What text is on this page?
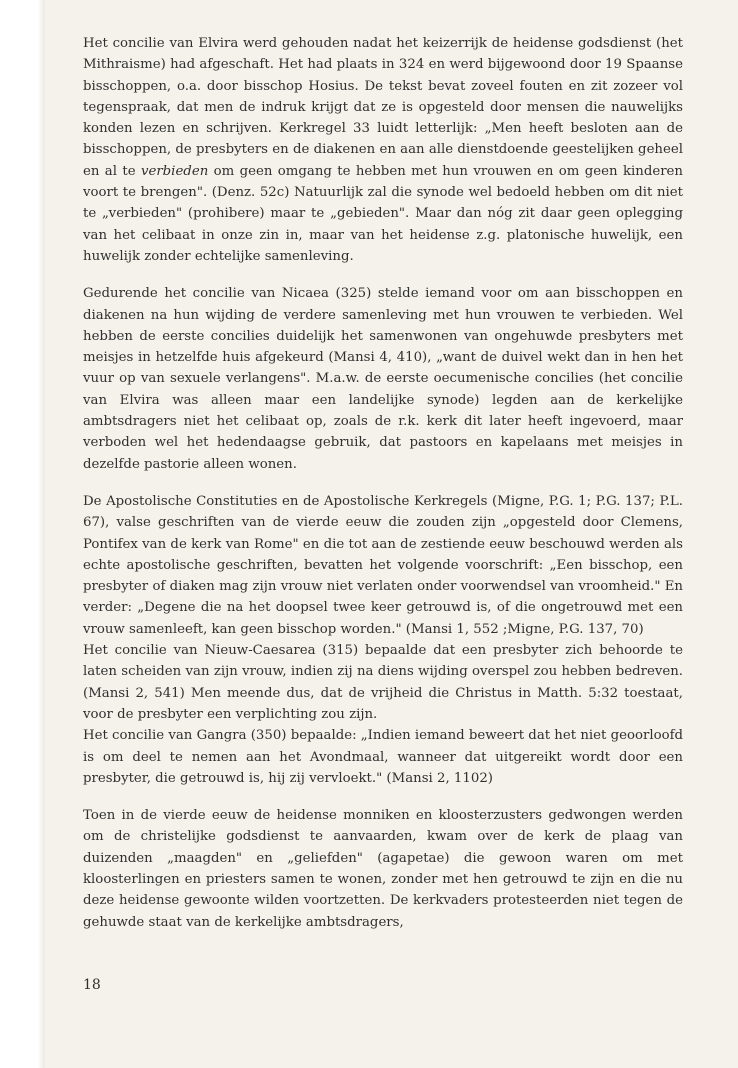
Het concilie van Elvira werd gehouden nadat het keizerrijk de heidense godsdienst (het Mithraisme) had afgeschaft. Het had plaats in 324 en werd bijgewoond door 19 Spaanse bisschoppen, o.a. door bisschop Hosius. De tekst bevat zoveel fouten en zit zozeer vol tegenspraak, dat men de indruk krijgt dat ze is opgesteld door mensen die nauwelijks konden lezen en schrijven. Kerkregel 33 luidt letterlijk: „Men heeft besloten aan de bisschoppen, de presbyters en de diakenen en aan alle dienstdoende geestelijken geheel en al te verbieden om geen omgang te hebben met hun vrouwen en om geen kinderen voort te brengen". (Denz. 52c) Natuurlijk zal die synode wel bedoeld hebben om dit niet te „verbieden" (prohibere) maar te „gebieden". Maar dan nóg zit daar geen oplegging van het celibaat in onze zin in, maar van het heidense z.g. platonische huwelijk, een huwelijk zonder echtelijke samenleving.

Gedurende het concilie van Nicaea (325) stelde iemand voor om aan bisschoppen en diakenen na hun wijding de verdere samenleving met hun vrouwen te verbieden. Wel hebben de eerste concilies duidelijk het samenwonen van ongehuwde presbyters met meisjes in hetzelfde huis afgekeurd (Mansi 4, 410), „want de duivel wekt dan in hen het vuur op van sexuele verlangens". M.a.w. de eerste oecumenische concilies (het concilie van Elvira was alleen maar een landelijke synode) legden aan de kerkelijke ambtsdragers niet het celibaat op, zoals de r.k. kerk dit later heeft ingevoerd, maar verboden wel het hedendaagse gebruik, dat pastoors en kapelaans met meisjes in dezelfde pastorie alleen wonen.

De Apostolische Constituties en de Apostolische Kerkregels (Migne, P.G. 1; P.G. 137; P.L. 67), valse geschriften van de vierde eeuw die zouden zijn „opgesteld door Clemens, Pontifex van de kerk van Rome" en die tot aan de zestiende eeuw beschouwd werden als echte apostolische geschriften, bevatten het volgende voorschrift: „Een bisschop, een presbyter of diaken mag zijn vrouw niet verlaten onder voorwendsel van vroomheid." En verder: „Degene die na het doopsel twee keer getrouwd is, of die ongetrouwd met een vrouw samenleeft, kan geen bisschop worden." (Mansi 1, 552 ;Migne, P.G. 137, 70)

Het concilie van Nieuw-Caesarea (315) bepaalde dat een presbyter zich behoorde te laten scheiden van zijn vrouw, indien zij na diens wijding overspel zou hebben bedreven. (Mansi 2, 541) Men meende dus, dat de vrijheid die Christus in Matth. 5:32 toestaat, voor de presbyter een verplichting zou zijn.

Het concilie van Gangra (350) bepaalde: „Indien iemand beweert dat het niet geoorloofd is om deel te nemen aan het Avondmaal, wanneer dat uitgereikt wordt door een presbyter, die getrouwd is, hij zij vervloekt." (Mansi 2, 1102)

Toen in de vierde eeuw de heidense monniken en kloosterzusters gedwongen werden om de christelijke godsdienst te aanvaarden, kwam over de kerk de plaag van duizenden „maagden" en „geliefden" (agapetae) die gewoon waren om met kloosterlingen en priesters samen te wonen, zonder met hen getrouwd te zijn en die nu deze heidense gewoonte wilden voortzetten. De kerkvaders protesteerden niet tegen de gehuwde staat van de kerkelijke ambtsdragers,

18
